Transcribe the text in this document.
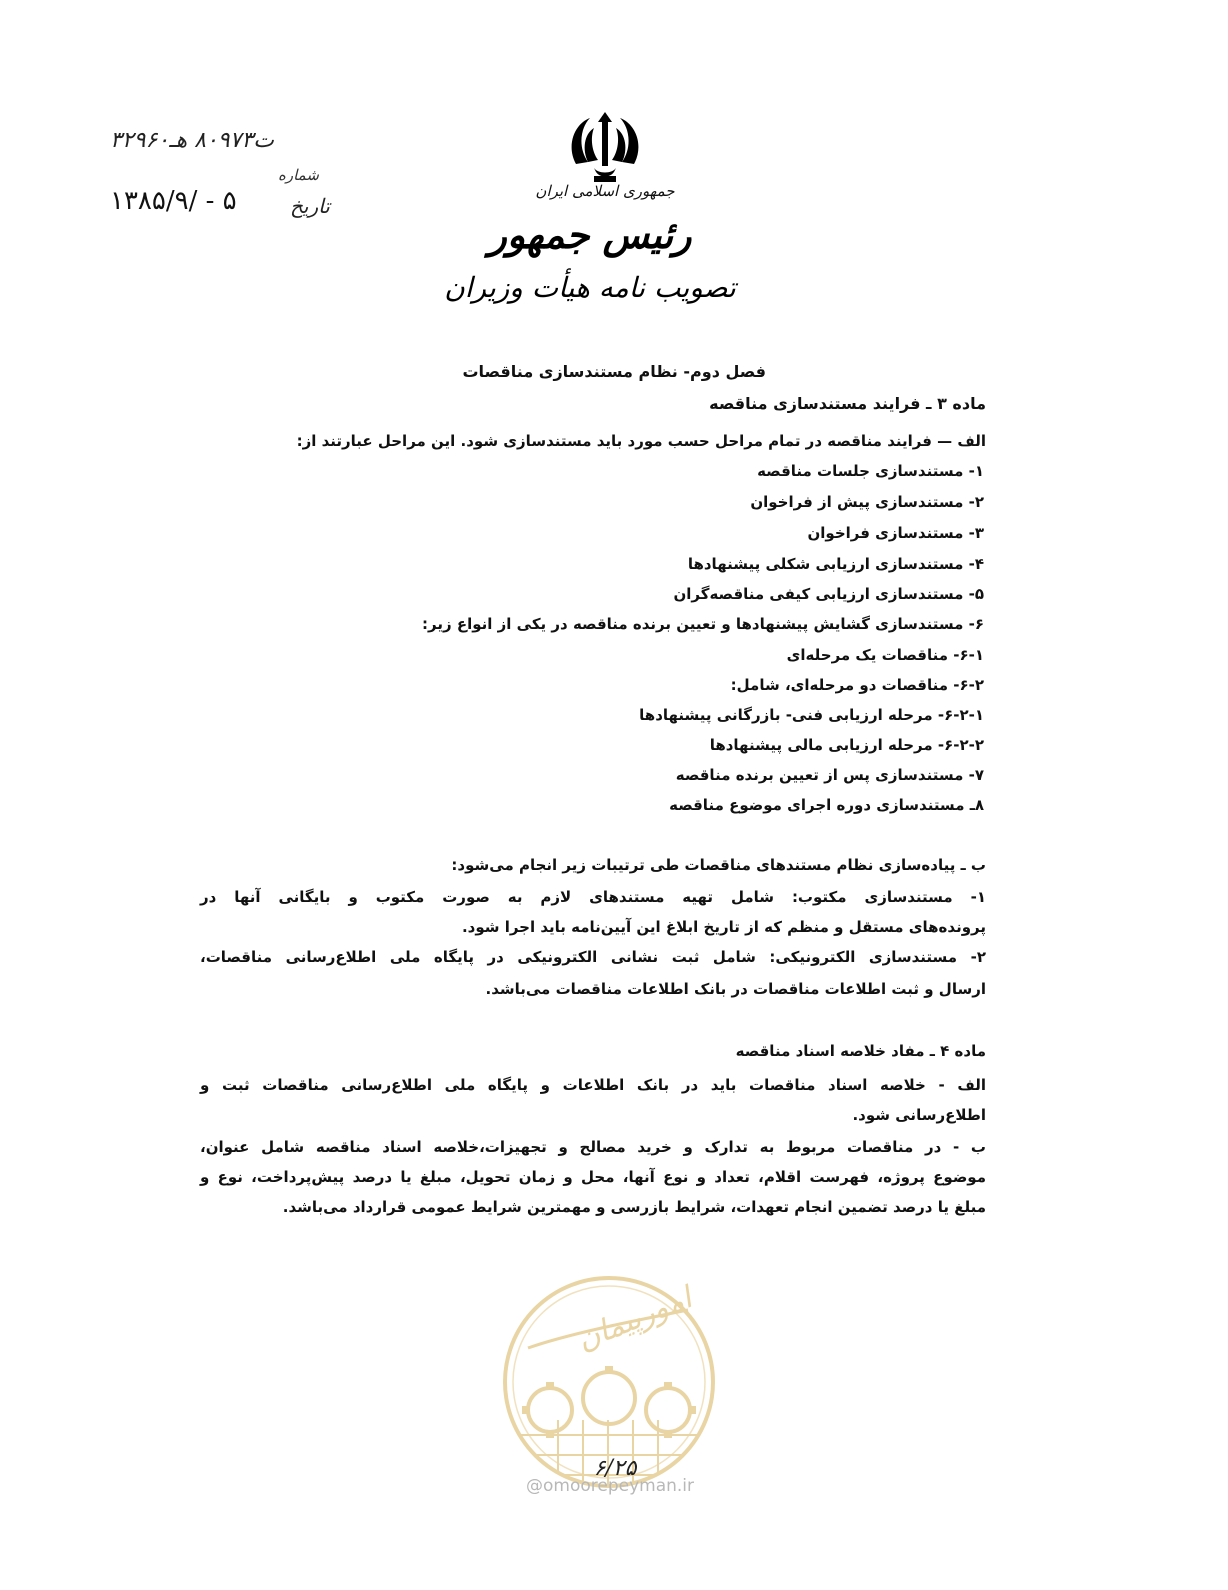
۳۲۹۶۰ت۸۰۹۷۳ هـ
شماره
۱۳۸۵/۹/ - ۵	تاریخ
جمهوری اسلامی ایران
رئیس جمهور
تصویب نامه هیأت وزیران
فصل دوم- نظام مستندسازی مناقصات
ماده ۳ ـ فرایند مستندسازی مناقصه
الف — فرایند مناقصه در تمام مراحل حسب مورد باید مستندسازی شود. این مراحل عبارتند از:
۱- مستندسازی جلسات مناقصه
۲- مستندسازی پیش از فراخوان
۳- مستندسازی فراخوان
۴- مستندسازی ارزیابی شکلی پیشنهادها
۵- مستندسازی ارزیابی کیفی مناقصه‌گران
۶- مستندسازی گشایش پیشنهادها و تعیین برنده مناقصه در یکی از انواع زیر:
۶-۱- مناقصات یک مرحله‌ای
۶-۲- مناقصات دو مرحله‌ای، شامل:
۶-۲-۱- مرحله ارزیابی فنی- بازرگانی پیشنهادها
۶-۲-۲- مرحله ارزیابی مالی پیشنهادها
۷- مستندسازی پس از تعیین برنده مناقصه
۸ـ مستندسازی دوره اجرای موضوع مناقصه
ب ـ پیاده‌سازی نظام مستندهای مناقصات طی ترتیبات زیر انجام می‌شود:
۱- مستندسازی مکتوب: شامل تهیه مستندهای لازم به صورت مکتوب و بایگانی آنها در
پرونده‌های مستقل و منظم که از تاریخ ابلاغ این آیین‌نامه باید اجرا شود.
۲- مستندسازی الکترونیکی: شامل ثبت نشانی الکترونیکی در پایگاه ملی اطلاع‌رسانی مناقصات،
ارسال و ثبت اطلاعات مناقصات در بانک اطلاعات مناقصات می‌باشد.
ماده ۴ ـ مفاد خلاصه اسناد مناقصه
الف - خلاصه اسناد مناقصات باید در بانک اطلاعات و پایگاه ملی اطلاع‌رسانی مناقصات ثبت و
اطلاع‌رسانی شود.
ب - در مناقصات مربوط به تدارک و خرید مصالح و تجهیزات،خلاصه اسناد مناقصه شامل عنوان،
موضوع پروژه، فهرست اقلام، تعداد و نوع آنها، محل و زمان تحویل، مبلغ یا درصد پیش‌پرداخت، نوع و
مبلغ یا درصد تضمین انجام تعهدات، شرایط بازرسی و مهمترین شرایط عمومی قرارداد می‌باشد.
امورپیمان
۶/۲۵
@omoorepeyman.ir
